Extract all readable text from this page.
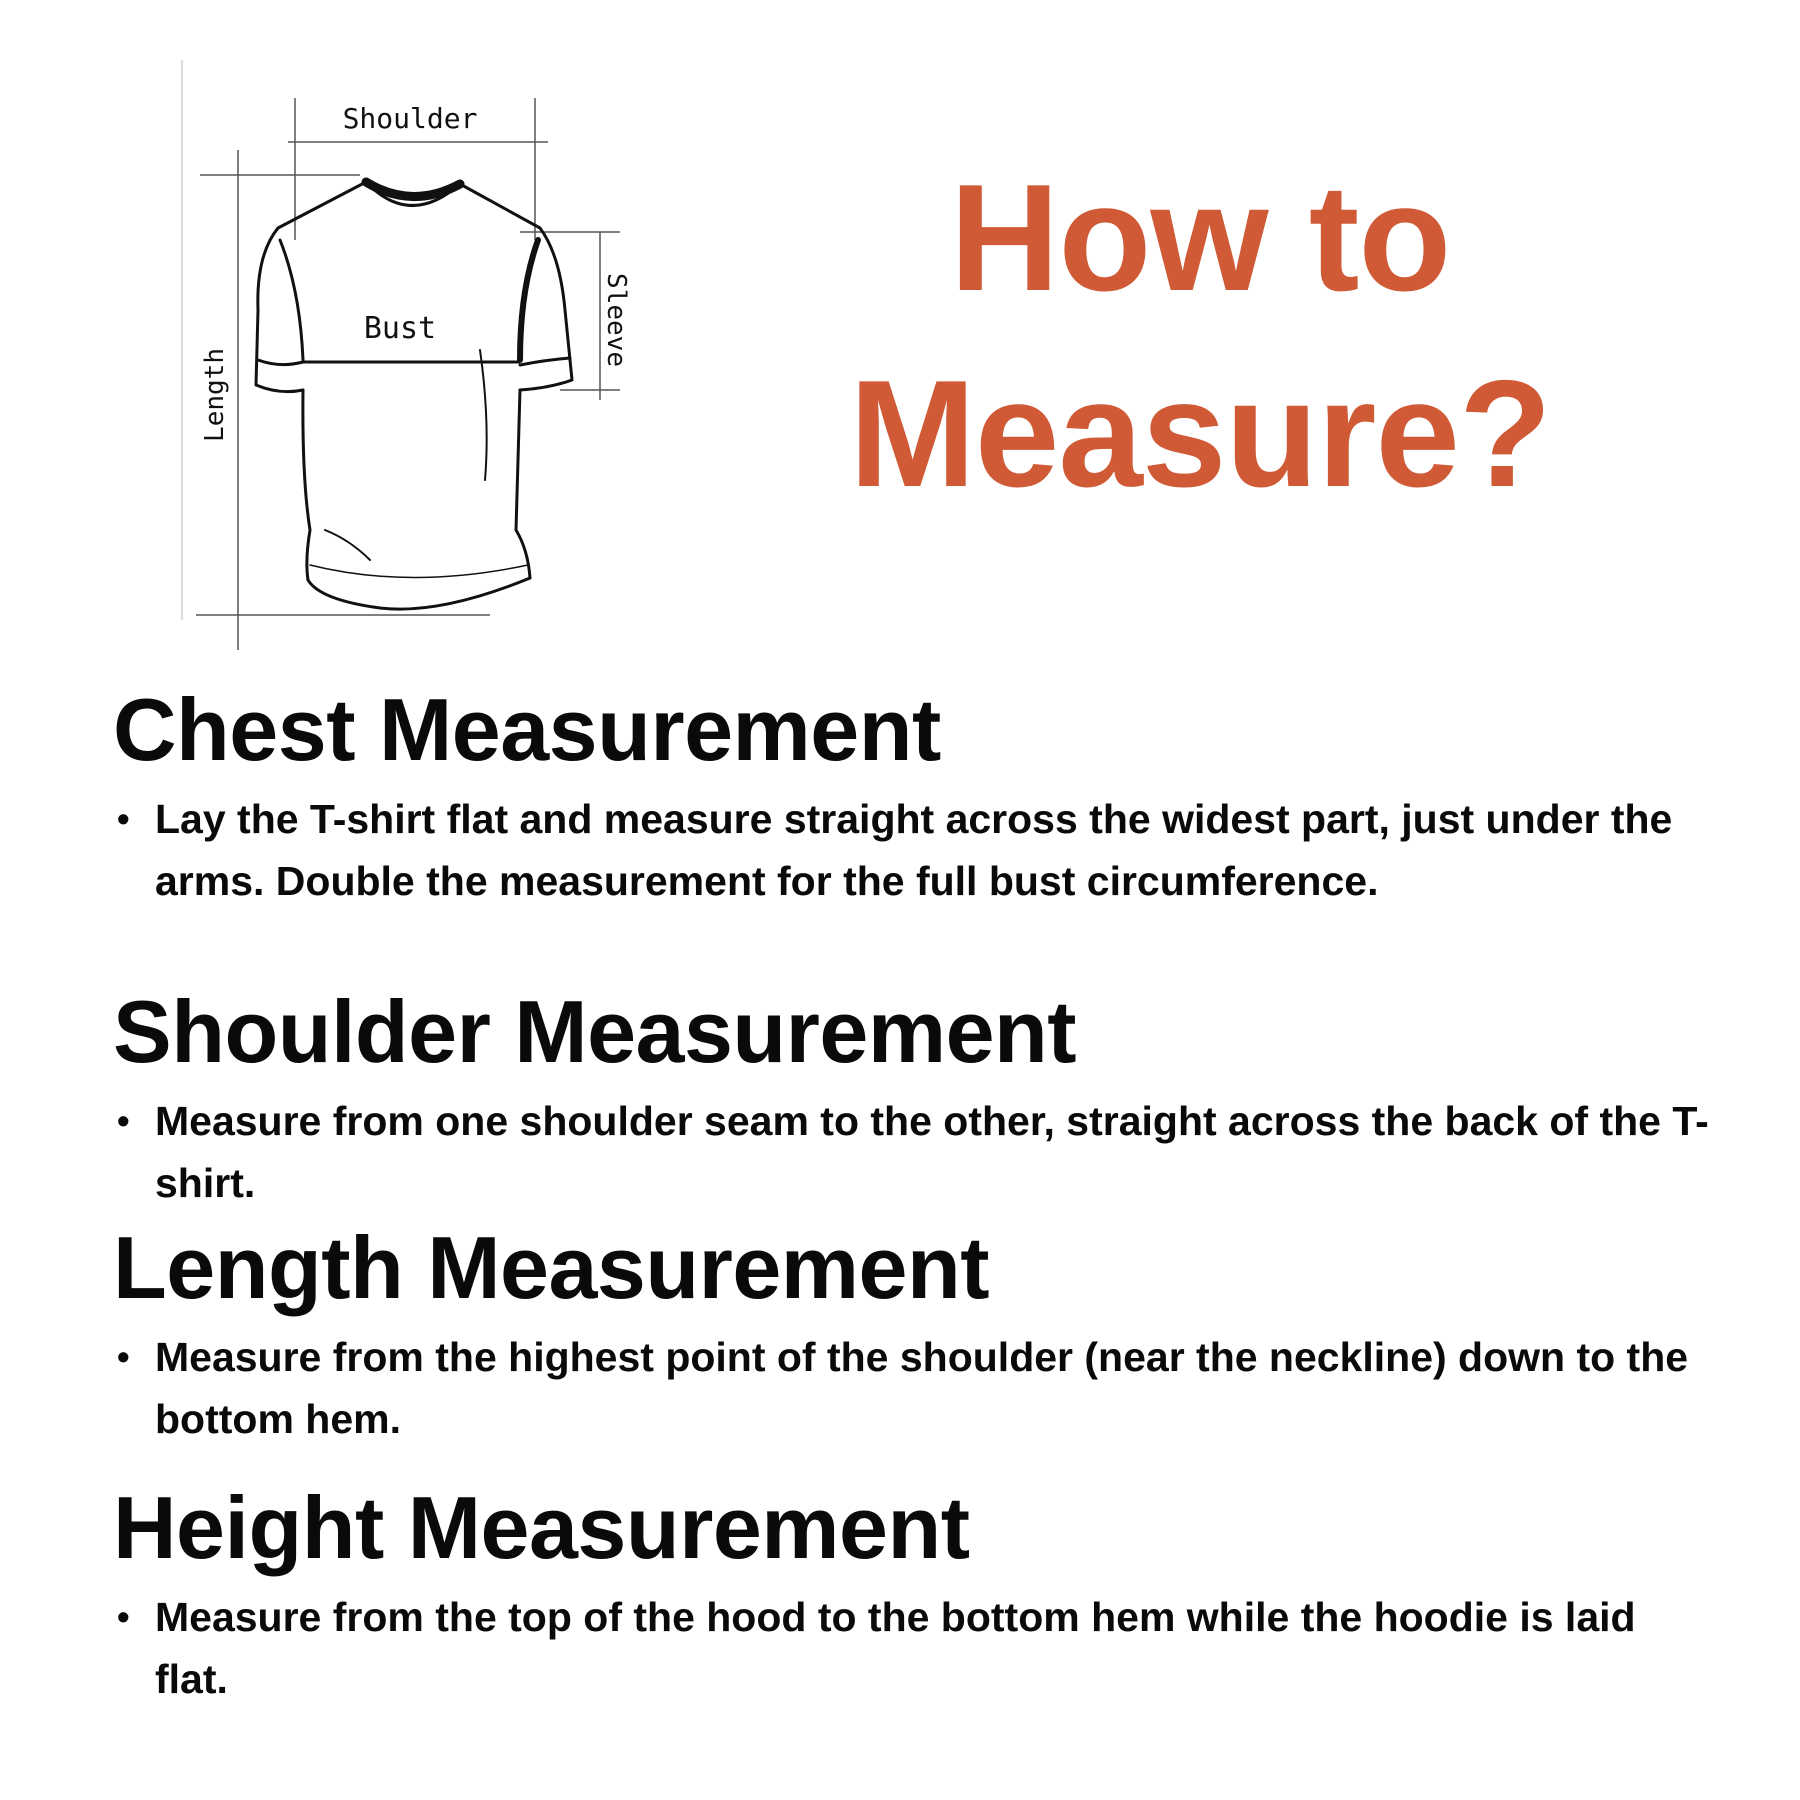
Shoulder
Length
Sleeve
Bust
How to
Measure?
Chest Measurement
• Lay the T-shirt flat and measure straight across the widest part, just under the arms. Double the measurement for the full bust circumference.
Shoulder Measurement
• Measure from one shoulder seam to the other, straight across the back of the T-shirt.
Length Measurement
• Measure from the highest point of the shoulder (near the neckline) down to the bottom hem.
Height Measurement
• Measure from the top of the hood to the bottom hem while the hoodie is laid flat.
